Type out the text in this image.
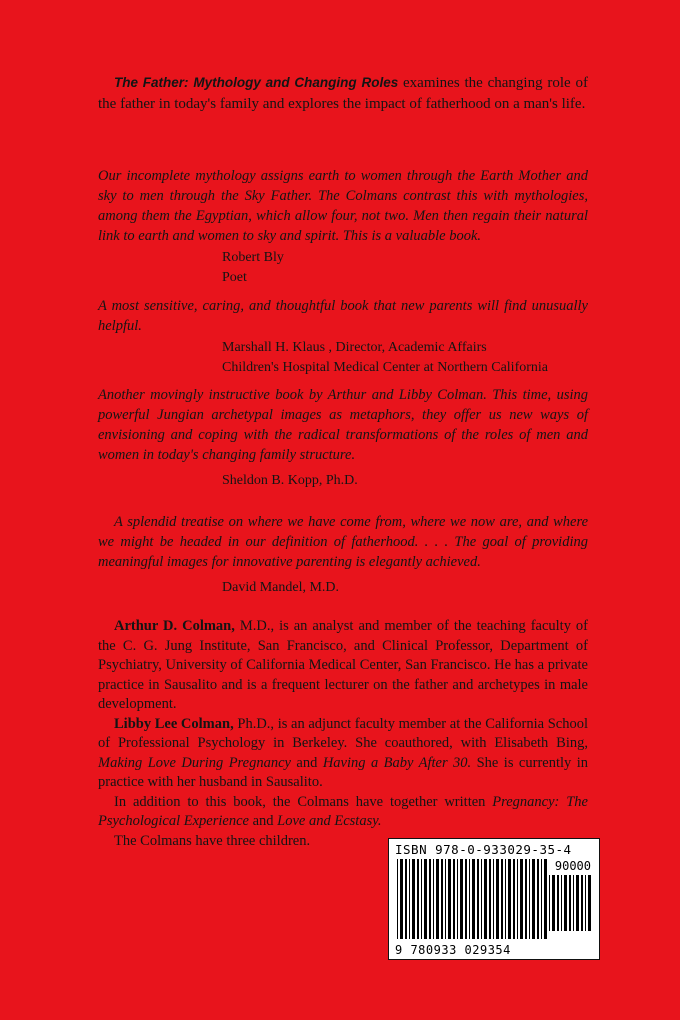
The Father: Mythology and Changing Roles examines the changing role of the father in today's family and explores the impact of fatherhood on a man's life.
Our incomplete mythology assigns earth to women through the Earth Mother and sky to men through the Sky Father. The Colmans contrast this with mythologies, among them the Egyptian, which allow four, not two. Men then regain their natural link to earth and women to sky and spirit. This is a valuable book.
Robert Bly
Poet
A most sensitive, caring, and thoughtful book that new parents will find unusually helpful.
Marshall H. Klaus , Director, Academic Affairs
Children's Hospital Medical Center at Northern California
Another movingly instructive book by Arthur and Libby Colman. This time, using powerful Jungian archetypal images as metaphors, they offer us new ways of envisioning and coping with the radical transformations of the roles of men and women in today's changing family structure.
Sheldon B. Kopp, Ph.D.
A splendid treatise on where we have come from, where we now are, and where we might be headed in our definition of fatherhood. . . . The goal of providing meaningful images for innovative parenting is elegantly achieved.
David Mandel, M.D.

Arthur D. Colman, M.D., is an analyst and member of the teaching faculty of the C. G. Jung Institute, San Francisco, and Clinical Professor, Department of Psychiatry, University of California Medical Center, San Francisco. He has a private practice in Sausalito and is a frequent lecturer on the father and archetypes in male development.

Libby Lee Colman, Ph.D., is an adjunct faculty member at the California School of Professional Psychology in Berkeley. She coauthored, with Elisabeth Bing, Making Love During Pregnancy and Having a Baby After 30. She is currently in practice with her husband in Sausalito.

In addition to this book, the Colmans have together written Pregnancy: The Psychological Experience and Love and Ecstasy.

The Colmans have three children.

ISBN 978-0-933029-35-4
90000
9 780933 029354
